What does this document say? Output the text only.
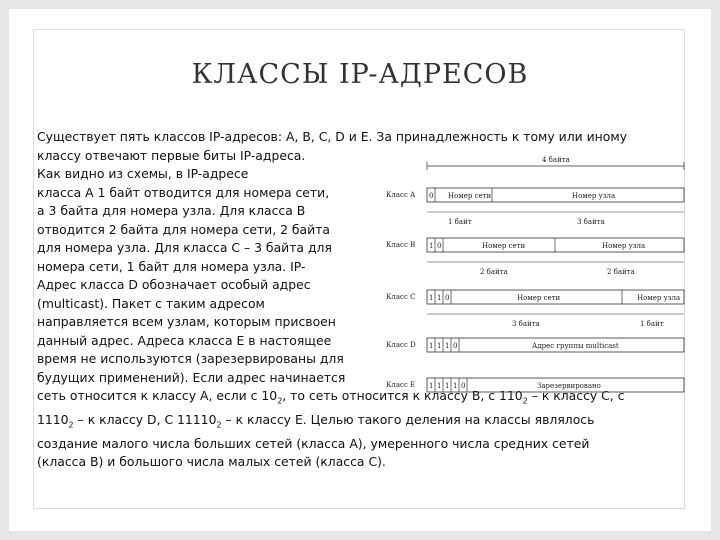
КЛАССЫ IP-АДРЕСОВ

Существует пять классов IP-адресов: A, B, C, D и E. За принадлежность к тому или иному

классу отвечают первые биты IP-адреса.

Как видно из схемы, в IP-адресе

класса A 1 байт отводится для номера сети,

а 3 байта для номера узла. Для класса B

отводится 2 байта для номера сети, 2 байта

для номера узла. Для класса C – 3 байта для

номера сети, 1 байт для номера узла. IP-

Адрес класса D обозначает особый адрес

(multicast). Пакет с таким адресом

направляется всем узлам, которым присвоен

данный адрес. Адреса класса E в настоящее

время не используются (зарезервированы для

будущих применений). Если адрес начинается

сеть относится к классу A, если с $10_2$, то сеть относится к классу B, с $110_2$ – к классу C, с

$1110_2$ – к классу D, C $11110_2$ – к классу E. Целью такого деления на классы являлось

создание малого числа больших сетей (класса A), умеренного числа средних сетей

(класса B) и большого числа малых сетей (класса C).

4 байта
Класс A 0 Номер сети	Номер узла
1 байт	3 байта
Класс B 1 0	Номер сети	Номер узла
2 байта	2 байта
Класс C 1 1 0	Номер сети	Номер узла
3 байта	1 байт
Класс D 1 1 1 0	Адрес группы multicast
Класс E 1 1 1 1 0	Зарезервировано
